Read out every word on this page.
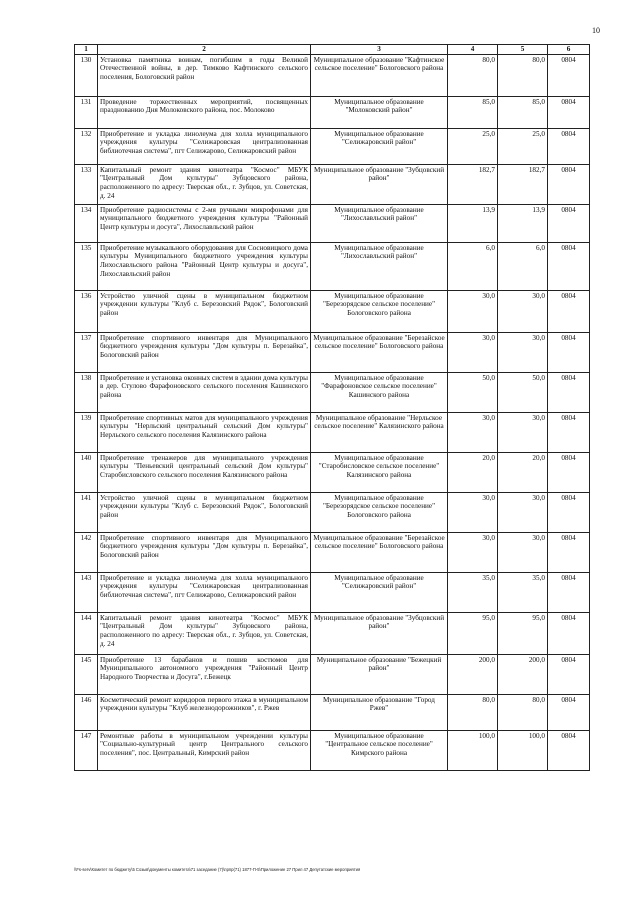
10
1	2	3	4	5	6
130	Установка памятника воинам, погибшим в годы Великой Отечественной войны, в дер. Тимково Кафтинского сельского поселения, Бологовский район	Муниципальное образование "Кафтинское сельское поселение" Бологовского района	80,0	80,0	0804
131	Проведение торжественных мероприятий, посвященных празднованию Дня Молоковского района, пос. Молоково	Муниципальное образование "Молоковский район"	85,0	85,0	0804
132	Приобретение и укладка линолеума для холла муниципального учреждения культуры "Селижаровская централизованная библиотечная система", пгт Селижарово, Селижаровский район	Муниципальное образование "Селижаровский район"	25,0	25,0	0804
133	Капитальный ремонт здания кинотеатра "Космос" МБУК "Центральный Дом культуры" Зубцовского района, расположенного по адресу: Тверская обл., г. Зубцов, ул. Советская, д. 24	Муниципальное образование "Зубцовский район"	182,7	182,7	0804
134	Приобретение радиосистемы с 2-мя ручными микрофонами для муниципального бюджетного учреждения культуры "Районный Центр культуры и досуга", Лихославльский район	Муниципальное образование "Лихославльский район"	13,9	13,9	0804
135	Приобретение музыкального оборудования для Сосновицкого дома культуры Муниципального бюджетного учреждения культуры Лихославльского района "Районный Центр культуры и досуга", Лихославльский район	Муниципальное образование "Лихославльский район"	6,0	6,0	0804
136	Устройство уличной сцены в муниципальном бюджетном учреждении культуры "Клуб с. Березовский Рядок", Бологовский район	Муниципальное образование "Березорядское сельское поселение" Бологовского района	30,0	30,0	0804
137	Приобретение спортивного инвентаря для Муниципального бюджетного учреждения культуры "Дом культуры п. Березайка", Бологовский район	Муниципальное образование "Березайское сельское поселение" Бологовского района	30,0	30,0	0804
138	Приобретение и установка оконных систем в здании дома культуры в дер. Стулово Фарафоновского сельского поселения Кашинского района	Муниципальное образование "Фарафоновское сельское поселение" Кашинского района	50,0	50,0	0804
139	Приобретение спортивных матов для муниципального учреждения культуры "Нерльский центральный сельский Дом культуры" Нерльского сельского поселения Калязинского района	Муниципальное образование "Нерльское сельское поселение" Калязинского района	30,0	30,0	0804
140	Приобретение тренажеров для муниципального учреждения культуры "Пеньевский центральный сельский Дом культуры" Старобисловского сельского поселения Калязинского района	Муниципальное образование "Старобисловское сельское поселение" Калязинского района	20,0	20,0	0804
141	Устройство уличной сцены в муниципальном бюджетном учреждении культуры "Клуб с. Березовский Рядок", Бологовский район	Муниципальное образование "Березорядское сельское поселение" Бологовского района	30,0	30,0	0804
142	Приобретение спортивного инвентаря для Муниципального бюджетного учреждения культуры "Дом культуры п. Березайка", Бологовский район	Муниципальное образование "Березайское сельское поселение" Бологовского района	30,0	30,0	0804
143	Приобретение и укладка линолеума для холла муниципального учреждения культуры "Селижаровская централизованная библиотечная система", пгт Селижарово, Селижаровский район	Муниципальное образование "Селижаровский район"	35,0	35,0	0804
144	Капитальный ремонт здания кинотеатра "Космос" МБУК "Центральный Дом культуры" Зубцовского района, расположенного по адресу: Тверская обл., г. Зубцов, ул. Советская, д. 24	Муниципальное образование "Зубцовский район"	95,0	95,0	0804
145	Приобретение 13 барабанов и пошив костюмов для Муниципального автономного учреждения "Районный Центр Народного Творчества и Досуга", г.Бежецк	Муниципальное образование "Бежецкий район"	200,0	200,0	0804
146	Косметический ремонт коридоров первого этажа в муниципальном учреждении культуры "Клуб железнодорожников", г. Ржев	Муниципальное образование "Город Ржев"	80,0	80,0	0804
147	Ремонтные работы в муниципальном учреждении культуры "Социально-культурный центр Центрального сельского поселения", пос. Центральный, Кимрский район	Муниципальное образование "Центральное сельское поселение" Кимрского района	100,0	100,0	0804
\\Fs-serv\Комитет по бюджету\5 Созыв\документы комитета\71 заседание (7)\прпр(71) 1877-П-5\Приложение 27 Прил 47 Депутатские мероприятия
